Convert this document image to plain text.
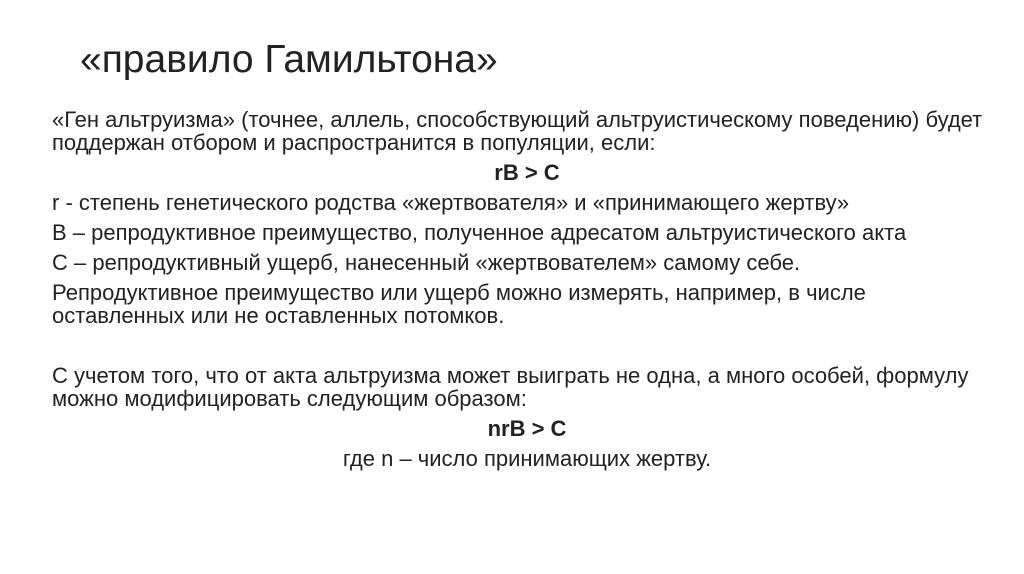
«правило Гамильтона»

«Ген альтруизма» (точнее, аллель, способствующий альтруистическому поведению) будет поддержан отбором и распространится в популяции, если:

rB > C

r - степень генетического родства «жертвователя» и «принимающего жертву»

B – репродуктивное преимущество, полученное адресатом альтруистического акта

C – репродуктивный ущерб, нанесенный «жертвователем» самому себе.

Репродуктивное преимущество или ущерб можно измерять, например, в числе оставленных или не оставленных потомков.

С учетом того, что от акта альтруизма может выиграть не одна, а много особей, формулу можно модифицировать следующим образом:

nrB > C

где n – число принимающих жертву.
